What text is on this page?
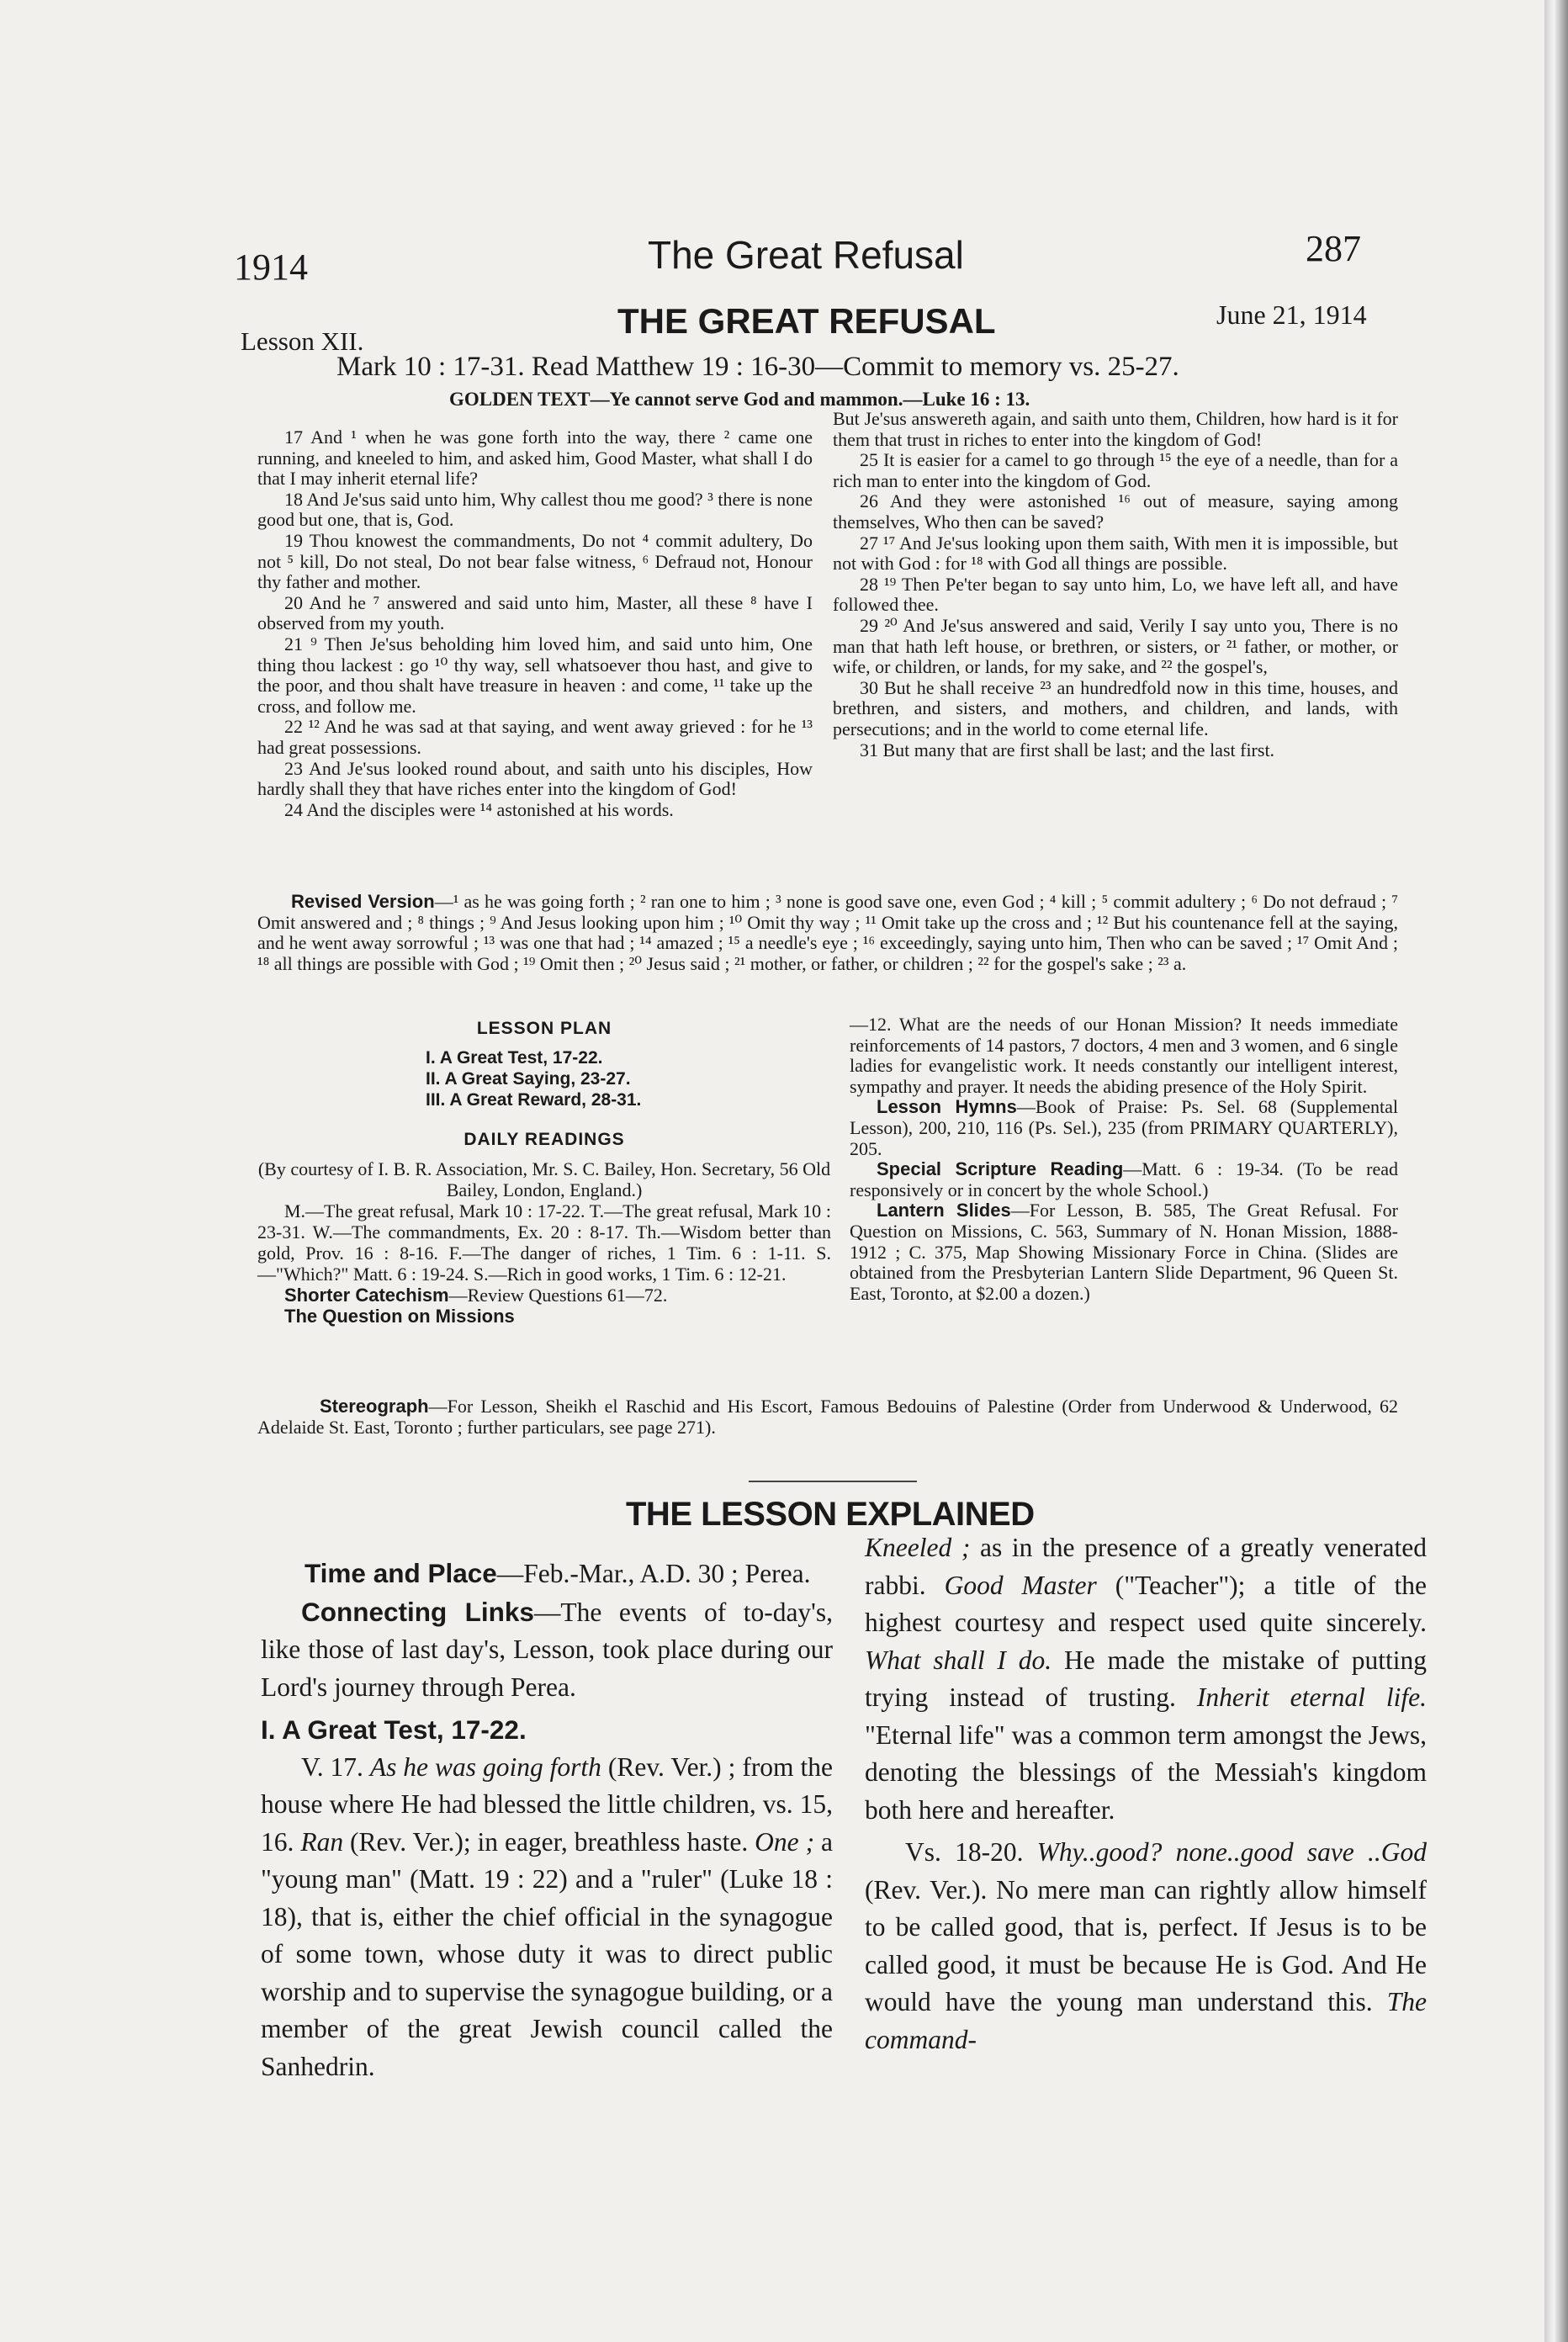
1914	The Great Refusal	287
Lesson XII.
THE GREAT REFUSAL	June 21, 1914
Mark 10 : 17-31. Read Matthew 19 : 16-30—Commit to memory vs. 25-27.
GOLDEN TEXT—Ye cannot serve God and mammon.—Luke 16 : 13.

17 And ¹ when he was gone forth into the way, there ² came one running, and kneeled to him, and asked him, Good Master, what shall I do that I may inherit eternal life?

18 And Je'sus said unto him, Why callest thou me good? ³ there is none good but one, that is, God.

19 Thou knowest the commandments, Do not ⁴ commit adultery, Do not ⁵ kill, Do not steal, Do not bear false witness, ⁶ Defraud not, Honour thy father and mother.

20 And he ⁷ answered and said unto him, Master, all these ⁸ have I observed from my youth.

21 ⁹ Then Je'sus beholding him loved him, and said unto him, One thing thou lackest : go ¹⁰ thy way, sell whatsoever thou hast, and give to the poor, and thou shalt have treasure in heaven : and come, ¹¹ take up the cross, and follow me.

22 ¹² And he was sad at that saying, and went away grieved : for he ¹³ had great possessions.

23 And Je'sus looked round about, and saith unto his disciples, How hardly shall they that have riches enter into the kingdom of God!

24 And the disciples were ¹⁴ astonished at his words.

But Je'sus answereth again, and saith unto them, Children, how hard is it for them that trust in riches to enter into the kingdom of God!

25 It is easier for a camel to go through ¹⁵ the eye of a needle, than for a rich man to enter into the kingdom of God.

26 And they were astonished ¹⁶ out of measure, saying among themselves, Who then can be saved?

27 ¹⁷ And Je'sus looking upon them saith, With men it is impossible, but not with God : for ¹⁸ with God all things are possible.

28 ¹⁹ Then Pe'ter began to say unto him, Lo, we have left all, and have followed thee.

29 ²⁰ And Je'sus answered and said, Verily I say unto you, There is no man that hath left house, or brethren, or sisters, or ²¹ father, or mother, or wife, or children, or lands, for my sake, and ²² the gospel's,

30 But he shall receive ²³ an hundredfold now in this time, houses, and brethren, and sisters, and mothers, and children, and lands, with persecutions; and in the world to come eternal life.

31 But many that are first shall be last; and the last first.

Revised Version—¹ as he was going forth ; ² ran one to him ; ³ none is good save one, even God ; ⁴ kill ; ⁵ commit adultery ; ⁶ Do not defraud ; ⁷ Omit answered and ; ⁸ things ; ⁹ And Jesus looking upon him ; ¹⁰ Omit thy way ; ¹¹ Omit take up the cross and ; ¹² But his countenance fell at the saying, and he went away sorrowful ; ¹³ was one that had ; ¹⁴ amazed ; ¹⁵ a needle's eye ; ¹⁶ exceedingly, saying unto him, Then who can be saved ; ¹⁷ Omit And ; ¹⁸ all things are possible with God ; ¹⁹ Omit then ; ²⁰ Jesus said ; ²¹ mother, or father, or children ; ²² for the gospel's sake ; ²³ a.

LESSON PLAN

I. A Great Test, 17-22.
II. A Great Saying, 23-27.
III. A Great Reward, 28-31.

DAILY READINGS

(By courtesy of I. B. R. Association, Mr. S. C. Bailey, Hon. Secretary, 56 Old Bailey, London, England.)

M.—The great refusal, Mark 10 : 17-22. T.—The great refusal, Mark 10 : 23-31. W.—The commandments, Ex. 20 : 8-17. Th.—Wisdom better than gold, Prov. 16 : 8-16. F.—The danger of riches, 1 Tim. 6 : 1-11. S.—"Which?" Matt. 6 : 19-24. S.—Rich in good works, 1 Tim. 6 : 12-21.

Shorter Catechism—Review Questions 61—72.

The Question on Missions

—12. What are the needs of our Honan Mission? It needs immediate reinforcements of 14 pastors, 7 doctors, 4 men and 3 women, and 6 single ladies for evangelistic work. It needs constantly our intelligent interest, sympathy and prayer. It needs the abiding presence of the Holy Spirit.

Lesson Hymns—Book of Praise: Ps. Sel. 68 (Supplemental Lesson), 200, 210, 116 (Ps. Sel.), 235 (from PRIMARY QUARTERLY), 205.

Special Scripture Reading—Matt. 6 : 19-34. (To be read responsively or in concert by the whole School.)

Lantern Slides—For Lesson, B. 585, The Great Refusal. For Question on Missions, C. 563, Summary of N. Honan Mission, 1888-1912 ; C. 375, Map Showing Missionary Force in China. (Slides are obtained from the Presbyterian Lantern Slide Department, 96 Queen St. East, Toronto, at $2.00 a dozen.)

Stereograph—For Lesson, Sheikh el Raschid and His Escort, Famous Bedouins of Palestine (Order from Underwood & Underwood, 62 Adelaide St. East, Toronto ; further particulars, see page 271).
THE LESSON EXPLAINED

Time and Place—Feb.-Mar., A.D. 30 ; Perea.

Connecting Links—The events of to-day's, like those of last day's, Lesson, took place during our Lord's journey through Perea.

I. A Great Test, 17-22.

V. 17. As he was going forth (Rev. Ver.) ; from the house where He had blessed the little children, vs. 15, 16. Ran (Rev. Ver.); in eager, breathless haste. One ; a "young man" (Matt. 19 : 22) and a "ruler" (Luke 18 : 18), that is, either the chief official in the synagogue of some town, whose duty it was to direct public worship and to supervise the synagogue building, or a member of the great Jewish council called the Sanhedrin.

Kneeled ; as in the presence of a greatly venerated rabbi. Good Master ("Teacher"); a title of the highest courtesy and respect used quite sincerely. What shall I do. He made the mistake of putting trying instead of trusting. Inherit eternal life. "Eternal life" was a common term amongst the Jews, denoting the blessings of the Messiah's kingdom both here and hereafter.

Vs. 18-20. Why..good? none..good save ..God (Rev. Ver.). No mere man can rightly allow himself to be called good, that is, perfect. If Jesus is to be called good, it must be because He is God. And He would have the young man understand this. The command-
